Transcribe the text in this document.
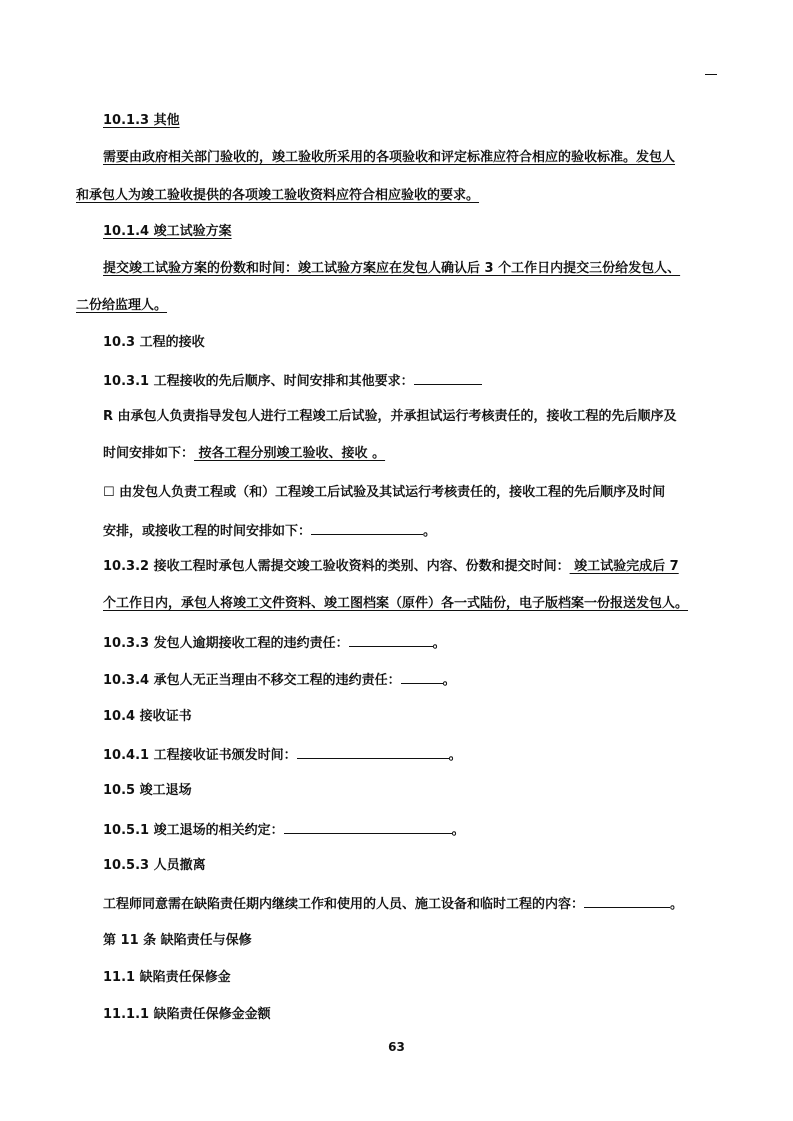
10.1.3 其他
需要由政府相关部门验收的，竣工验收所采用的各项验收和评定标准应符合相应的验收标准。发包人
和承包人为竣工验收提供的各项竣工验收资料应符合相应验收的要求。
10.1.4 竣工试验方案
提交竣工试验方案的份数和时间：竣工试验方案应在发包人确认后 3 个工作日内提交三份给发包人、
二份给监理人。
10.3 工程的接收
10.3.1 工程接收的先后顺序、时间安排和其他要求：
R 由承包人负责指导发包人进行工程竣工后试验，并承担试运行考核责任的，接收工程的先后顺序及
时间安排如下： 按各工程分别竣工验收、接收 。
☐ 由发包人负责工程或（和）工程竣工后试验及其试运行考核责任的，接收工程的先后顺序及时间
安排，或接收工程的时间安排如下：	。
10.3.2 接收工程时承包人需提交竣工验收资料的类别、内容、份数和提交时间： 竣工试验完成后 7
个工作日内，承包人将竣工文件资料、竣工图档案（原件）各一式陆份，电子版档案一份报送发包人。
10.3.3 发包人逾期接收工程的违约责任：	。
10.3.4 承包人无正当理由不移交工程的违约责任：	。
10.4 接收证书
10.4.1 工程接收证书颁发时间：	。
10.5 竣工退场
10.5.1 竣工退场的相关约定：	。
10.5.3 人员撤离
工程师同意需在缺陷责任期内继续工作和使用的人员、施工设备和临时工程的内容：	。
第 11 条 缺陷责任与保修
11.1 缺陷责任保修金
11.1.1 缺陷责任保修金金额
63
